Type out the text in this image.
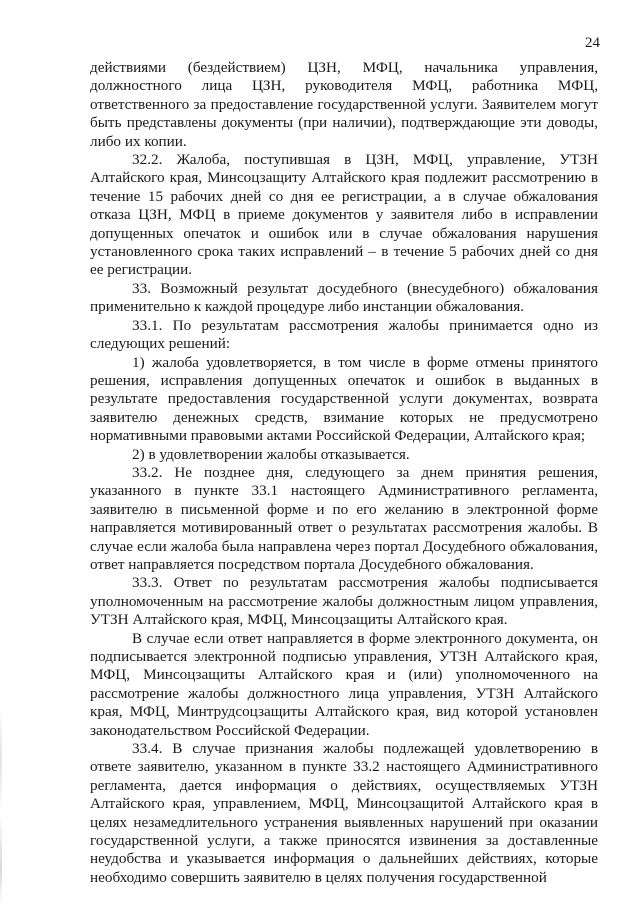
24

действиями (бездействием) ЦЗН, МФЦ, начальника управления, должностного лица ЦЗН, руководителя МФЦ, работника МФЦ, ответственного за предоставление государственной услуги. Заявителем могут быть представлены документы (при наличии), подтверждающие эти доводы, либо их копии.

32.2. Жалоба, поступившая в ЦЗН, МФЦ, управление, УТЗН Алтайского края, Минсоцзащиту Алтайского края подлежит рассмотрению в течение 15 рабочих дней со дня ее регистрации, а в случае обжалования отказа ЦЗН, МФЦ в приеме документов у заявителя либо в исправлении допущенных опечаток и ошибок или в случае обжалования нарушения установленного срока таких исправлений – в течение 5 рабочих дней со дня ее регистрации.

33. Возможный результат досудебного (внесудебного) обжалования применительно к каждой процедуре либо инстанции обжалования.

33.1. По результатам рассмотрения жалобы принимается одно из следующих решений:

1) жалоба удовлетворяется, в том числе в форме отмены принятого решения, исправления допущенных опечаток и ошибок в выданных в результате предоставления государственной услуги документах, возврата заявителю денежных средств, взимание которых не предусмотрено нормативными правовыми актами Российской Федерации, Алтайского края;

2) в удовлетворении жалобы отказывается.

33.2. Не позднее дня, следующего за днем принятия решения, указанного в пункте 33.1 настоящего Административного регламента, заявителю в письменной форме и по его желанию в электронной форме направляется мотивированный ответ о результатах рассмотрения жалобы. В случае если жалоба была направлена через портал Досудебного обжалования, ответ направляется посредством портала Досудебного обжалования.

33.3. Ответ по результатам рассмотрения жалобы подписывается уполномоченным на рассмотрение жалобы должностным лицом управления, УТЗН Алтайского края, МФЦ, Минсоцзащиты Алтайского края.

В случае если ответ направляется в форме электронного документа, он подписывается электронной подписью управления, УТЗН Алтайского края, МФЦ, Минсоцзащиты Алтайского края и (или) уполномоченного на рассмотрение жалобы должностного лица управления, УТЗН Алтайского края, МФЦ, Минтрудсоцзащиты Алтайского края, вид которой установлен законодательством Российской Федерации.

33.4. В случае признания жалобы подлежащей удовлетворению в ответе заявителю, указанном в пункте 33.2 настоящего Административного регламента, дается информация о действиях, осуществляемых УТЗН Алтайского края, управлением, МФЦ, Минсоцзащитой Алтайского края в целях незамедлительного устранения выявленных нарушений при оказании государственной услуги, а также приносятся извинения за доставленные неудобства и указывается информация о дальнейших действиях, которые необходимо совершить заявителю в целях получения государственной
